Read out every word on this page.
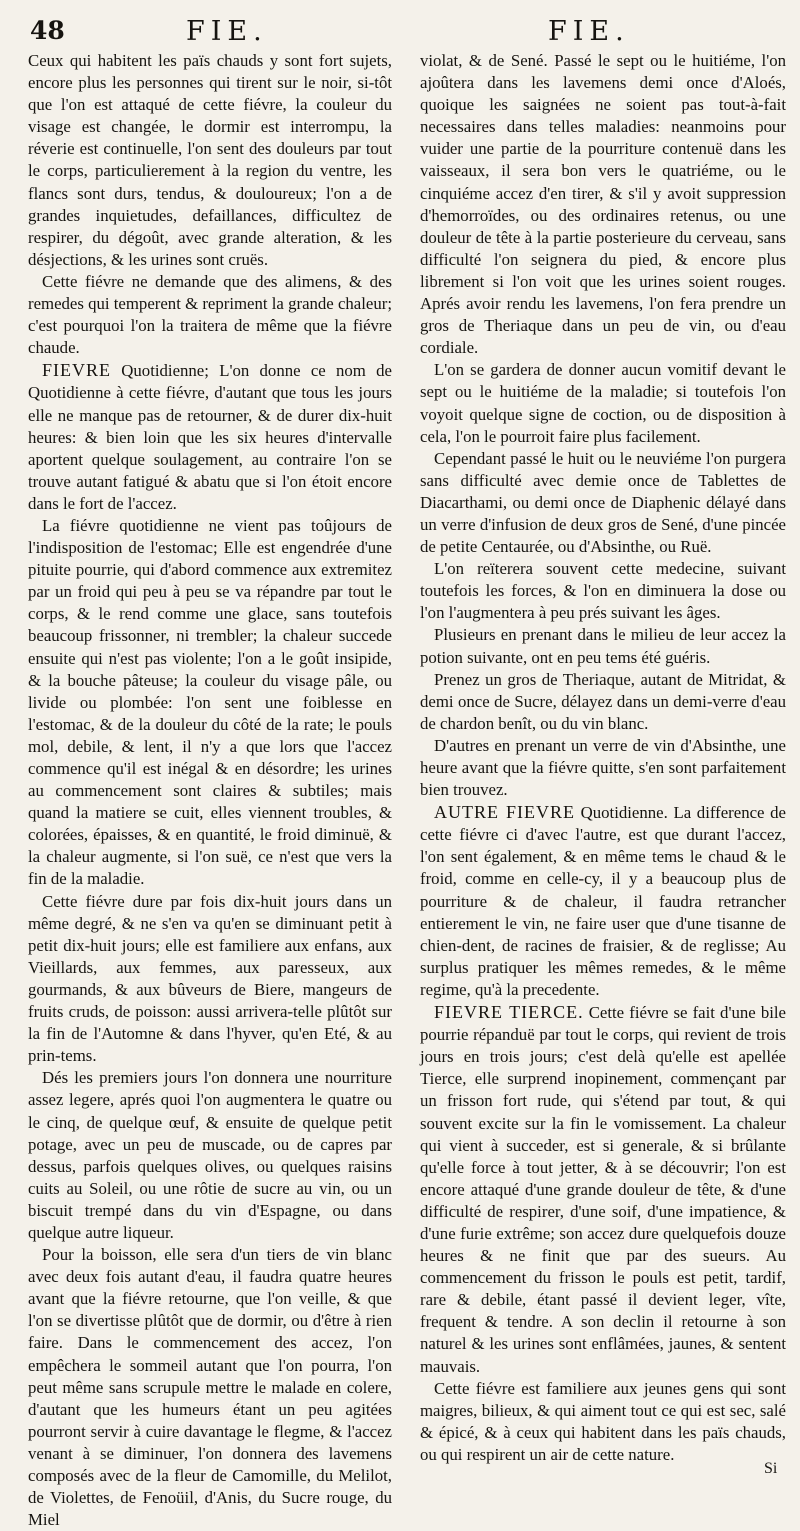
48	FIE.	FIE.

Ceux qui habitent les païs chauds y sont fort sujets, encore plus les personnes qui tirent sur le noir, si-tôt que l'on est attaqué de cette fiévre, la couleur du visage est changée, le dormir est interrompu, la réverie est continuelle, l'on sent des douleurs par tout le corps, particulierement à la region du ventre, les flancs sont durs, tendus, & douloureux; l'on a de grandes inquietudes, defaillances, difficultez de respirer, du dégoût, avec grande alteration, & les désjections, & les urines sont cruës.

Cette fiévre ne demande que des alimens, & des remedes qui temperent & repriment la grande chaleur; c'est pourquoi l'on la traitera de même que la fiévre chaude.

FIEVRE Quotidienne; L'on donne ce nom de Quotidienne à cette fiévre, d'autant que tous les jours elle ne manque pas de retourner, & de durer dix-huit heures: & bien loin que les six heures d'intervalle aportent quelque soulagement, au contraire l'on se trouve autant fatigué & abatu que si l'on étoit encore dans le fort de l'accez.

La fiévre quotidienne ne vient pas toûjours de l'indisposition de l'estomac; Elle est engendrée d'une pituite pourrie, qui d'abord commence aux extremitez par un froid qui peu à peu se va répandre par tout le corps, & le rend comme une glace, sans toutefois beaucoup frissonner, ni trembler; la chaleur succede ensuite qui n'est pas violente; l'on a le goût insipide, & la bouche pâteuse; la couleur du visage pâle, ou livide ou plombée: l'on sent une foiblesse en l'estomac, & de la douleur du côté de la rate; le pouls mol, debile, & lent, il n'y a que lors que l'accez commence qu'il est inégal & en désordre; les urines au commencement sont claires & subtiles; mais quand la matiere se cuit, elles viennent troubles, & colorées, épaisses, & en quantité, le froid diminuë, & la chaleur augmente, si l'on suë, ce n'est que vers la fin de la maladie.

Cette fiévre dure par fois dix-huit jours dans un même degré, & ne s'en va qu'en se diminuant petit à petit dix-huit jours; elle est familiere aux enfans, aux Vieillards, aux femmes, aux paresseux, aux gourmands, & aux bûveurs de Biere, mangeurs de fruits cruds, de poisson: aussi arrivera-telle plûtôt sur la fin de l'Automne & dans l'hyver, qu'en Eté, & au prin-tems.

Dés les premiers jours l'on donnera une nourriture assez legere, aprés quoi l'on augmentera le quatre ou le cinq, de quelque œuf, & ensuite de quelque petit potage, avec un peu de muscade, ou de capres par dessus, parfois quelques olives, ou quelques raisins cuits au Soleil, ou une rôtie de sucre au vin, ou un biscuit trempé dans du vin d'Espagne, ou dans quelque autre liqueur.

Pour la boisson, elle sera d'un tiers de vin blanc avec deux fois autant d'eau, il faudra quatre heures avant que la fiévre retourne, que l'on veille, & que l'on se divertisse plûtôt que de dormir, ou d'être à rien faire. Dans le commencement des accez, l'on empêchera le sommeil autant que l'on pourra, l'on peut même sans scrupule mettre le malade en colere, d'autant que les humeurs étant un peu agitées pourront servir à cuire davantage le flegme, & l'accez venant à se diminuer, l'on donnera des lavemens composés avec de la fleur de Camomille, du Melilot, de Violettes, de Fenoüil, d'Anis, du Sucre rouge, du Miel

violat, & de Sené. Passé le sept ou le huitiéme, l'on ajoûtera dans les lavemens demi once d'Aloés, quoique les saignées ne soient pas tout-à-fait necessaires dans telles maladies: neanmoins pour vuider une partie de la pourriture contenuë dans les vaisseaux, il sera bon vers le quatriéme, ou le cinquiéme accez d'en tirer, & s'il y avoit suppression d'hemorroïdes, ou des ordinaires retenus, ou une douleur de tête à la partie posterieure du cerveau, sans difficulté l'on seignera du pied, & encore plus librement si l'on voit que les urines soient rouges. Aprés avoir rendu les lavemens, l'on fera prendre un gros de Theriaque dans un peu de vin, ou d'eau cordiale.

L'on se gardera de donner aucun vomitif devant le sept ou le huitiéme de la maladie; si toutefois l'on voyoit quelque signe de coction, ou de disposition à cela, l'on le pourroit faire plus facilement.

Cependant passé le huit ou le neuviéme l'on purgera sans difficulté avec demie once de Tablettes de Diacarthami, ou demi once de Diaphenic délayé dans un verre d'infusion de deux gros de Sené, d'une pincée de petite Centaurée, ou d'Absinthe, ou Ruë.

L'on reïterera souvent cette medecine, suivant toutefois les forces, & l'on en diminuera la dose ou l'on l'augmentera à peu prés suivant les âges.

Plusieurs en prenant dans le milieu de leur accez la potion suivante, ont en peu tems été guéris.

Prenez un gros de Theriaque, autant de Mitridat, & demi once de Sucre, délayez dans un demi-verre d'eau de chardon benît, ou du vin blanc.

D'autres en prenant un verre de vin d'Absinthe, une heure avant que la fiévre quitte, s'en sont parfaitement bien trouvez.

AUTRE FIEVRE Quotidienne. La difference de cette fiévre ci d'avec l'autre, est que durant l'accez, l'on sent également, & en même tems le chaud & le froid, comme en celle-cy, il y a beaucoup plus de pourriture & de chaleur, il faudra retrancher entierement le vin, ne faire user que d'une tisanne de chien-dent, de racines de fraisier, & de reglisse; Au surplus pratiquer les mêmes remedes, & le même regime, qu'à la precedente.

FIEVRE TIERCE. Cette fiévre se fait d'une bile pourrie répanduë par tout le corps, qui revient de trois jours en trois jours; c'est delà qu'elle est apellée Tierce, elle surprend inopinement, commençant par un frisson fort rude, qui s'étend par tout, & qui souvent excite sur la fin le vomissement. La chaleur qui vient à succeder, est si generale, & si brûlante qu'elle force à tout jetter, & à se découvrir; l'on est encore attaqué d'une grande douleur de tête, & d'une difficulté de respirer, d'une soif, d'une impatience, & d'une furie extrême; son accez dure quelquefois douze heures & ne finit que par des sueurs. Au commencement du frisson le pouls est petit, tardif, rare & debile, étant passé il devient leger, vîte, frequent & tendre. A son declin il retourne à son naturel & les urines sont enflâmées, jaunes, & sentent mauvais.

Cette fiévre est familiere aux jeunes gens qui sont maigres, bilieux, & qui aiment tout ce qui est sec, salé & épicé, & à ceux qui habitent dans les païs chauds, ou qui respirent un air de cette nature.

Si
